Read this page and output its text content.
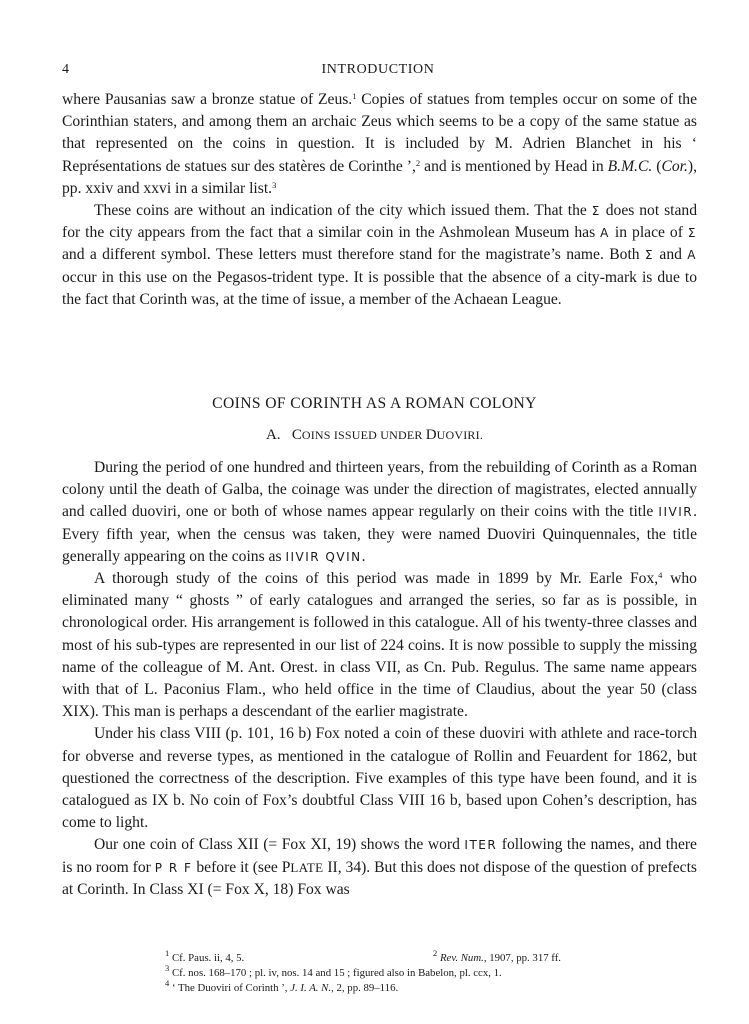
4	INTRODUCTION

where Pausanias saw a bronze statue of Zeus.$^1$ Copies of statues from temples occur on some of the Corinthian staters, and among them an archaic Zeus which seems to be a copy of the same statue as that represented on the coins in question. It is included by M. Adrien Blanchet in his ‘ Représentations de statues sur des statères de Corinthe ’,$^2$ and is mentioned by Head in B.M.C. (Cor.), pp. xxiv and xxvi in a similar list.$^3$

These coins are without an indication of the city which issued them. That the Σ does not stand for the city appears from the fact that a similar coin in the Ashmolean Museum has A in place of Σ and a different symbol. These letters must therefore stand for the magistrate’s name. Both Σ and A occur in this use on the Pegasos-trident type. It is possible that the absence of a city-mark is due to the fact that Corinth was, at the time of issue, a member of the Achaean League.

COINS OF CORINTH AS A ROMAN COLONY
A. COINS ISSUED UNDER DUOVIRI.

During the period of one hundred and thirteen years, from the rebuilding of Corinth as a Roman colony until the death of Galba, the coinage was under the direction of magistrates, elected annually and called duoviri, one or both of whose names appear regularly on their coins with the title IIVIR. Every fifth year, when the census was taken, they were named Duoviri Quinquennales, the title generally appearing on the coins as IIVIR QVIN.

A thorough study of the coins of this period was made in 1899 by Mr. Earle Fox,$^4$ who eliminated many “ ghosts ” of early catalogues and arranged the series, so far as is possible, in chronological order. His arrangement is followed in this catalogue. All of his twenty-three classes and most of his sub-types are represented in our list of 224 coins. It is now possible to supply the missing name of the colleague of M. Ant. Orest. in class VII, as Cn. Pub. Regulus. The same name appears with that of L. Paconius Flam., who held office in the time of Claudius, about the year 50 (class XIX). This man is perhaps a descendant of the earlier magistrate.

Under his class VIII (p. 101, 16 b) Fox noted a coin of these duoviri with athlete and race-torch for obverse and reverse types, as mentioned in the catalogue of Rollin and Feuardent for 1862, but questioned the correctness of the description. Five examples of this type have been found, and it is catalogued as IX b. No coin of Fox’s doubtful Class VIII 16 b, based upon Cohen’s description, has come to light.

Our one coin of Class XII (= Fox XI, 19) shows the word ITER following the names, and there is no room for P R F before it (see PLATE II, 34). But this does not dispose of the question of prefects at Corinth. In Class XI (= Fox X, 18) Fox was

$^1$ Cf. Paus. ii, 4, 5.	$^2$ Rev. Num., 1907, pp. 317 ff.
$^3$ Cf. nos. 168–170 ; pl. iv, nos. 14 and 15 ; figured also in Babelon, pl. ccx, 1.
$^4$ ‘ The Duoviri of Corinth ’, J. I. A. N., 2, pp. 89–116.
